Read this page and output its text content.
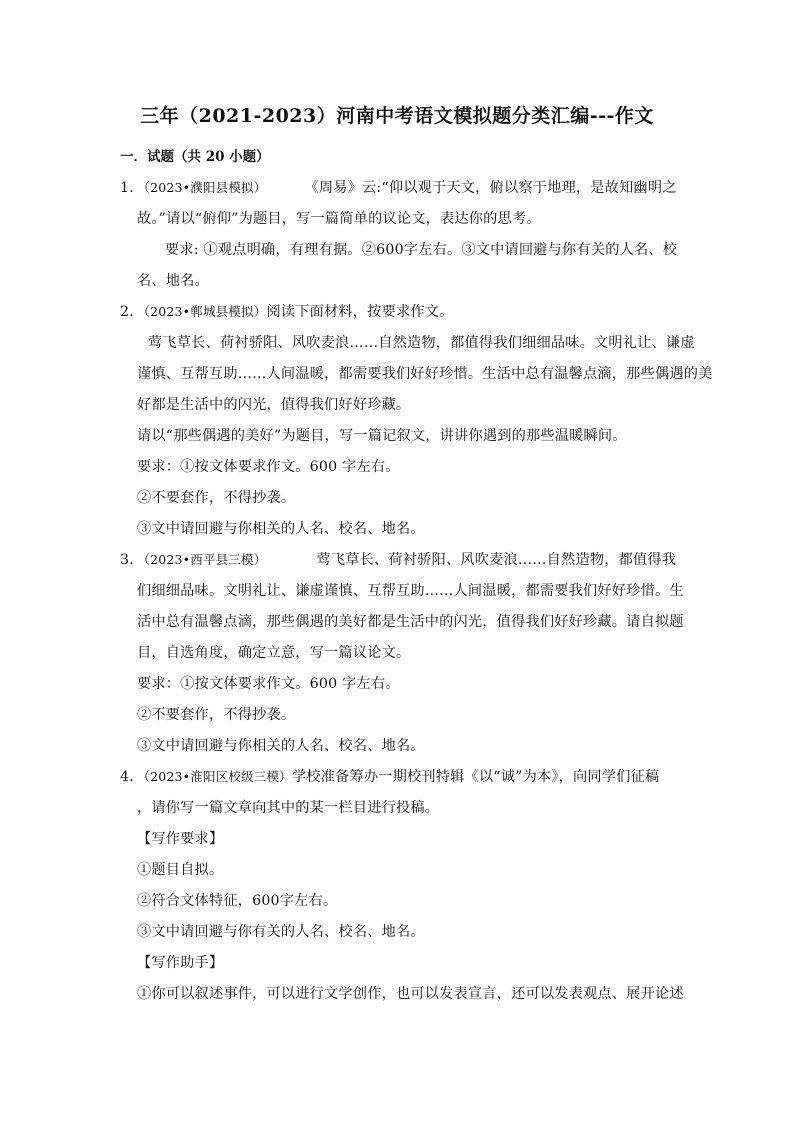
三年（2021-2023）河南中考语文模拟题分类汇编---作文
一．试题（共 20 小题）
1．（2023•濮阳县模拟）	《周易》云:“仰以观于天文，俯以察于地理，是故知幽明之
故。”请以“俯仰”为题目，写一篇简单的议论文，表达你的思考。
要求: ①观点明确，有理有据。②600字左右。③文中请回避与你有关的人名、校
名、地名。
2．（2023•郸城县模拟）阅读下面材料，按要求作文。
莺飞草长、荷衬骄阳、风吹麦浪……自然造物，都值得我们细细品味。文明礼让、谦虚
谨慎、互帮互助……人间温暖，都需要我们好好珍惜。生活中总有温馨点滴，那些偶遇的美
好都是生活中的闪光，值得我们好好珍藏。
请以“那些偶遇的美好”为题目，写一篇记叙文，讲讲你遇到的那些温暖瞬间。
要求：①按文体要求作文。600 字左右。
②不要套作，不得抄袭。
③文中请回避与你相关的人名、校名、地名。
3．（2023•西平县三模）	莺飞草长、荷衬骄阳、风吹麦浪……自然造物，都值得我
们细细品味。文明礼让、谦虚谨慎、互帮互助……人间温暖，都需要我们好好珍惜。生
活中总有温馨点滴，那些偶遇的美好都是生活中的闪光，值得我们好好珍藏。请自拟题
目，自选角度，确定立意，写一篇议论文。
要求：①按文体要求作文。600 字左右。
②不要套作，不得抄袭。
③文中请回避与你相关的人名、校名、地名。
4．（2023•淮阳区校级三模）学校准备筹办一期校刊特辑《以“诚”为本》，向同学们征稿
，请你写一篇文章向其中的某一栏目进行投稿。
【写作要求】
①题目自拟。
②符合文体特征，600字左右。
③文中请回避与你有关的人名、校名、地名。
【写作助手】
①你可以叙述事件，可以进行文学创作，也可以发表宣言，还可以发表观点、展开论述
